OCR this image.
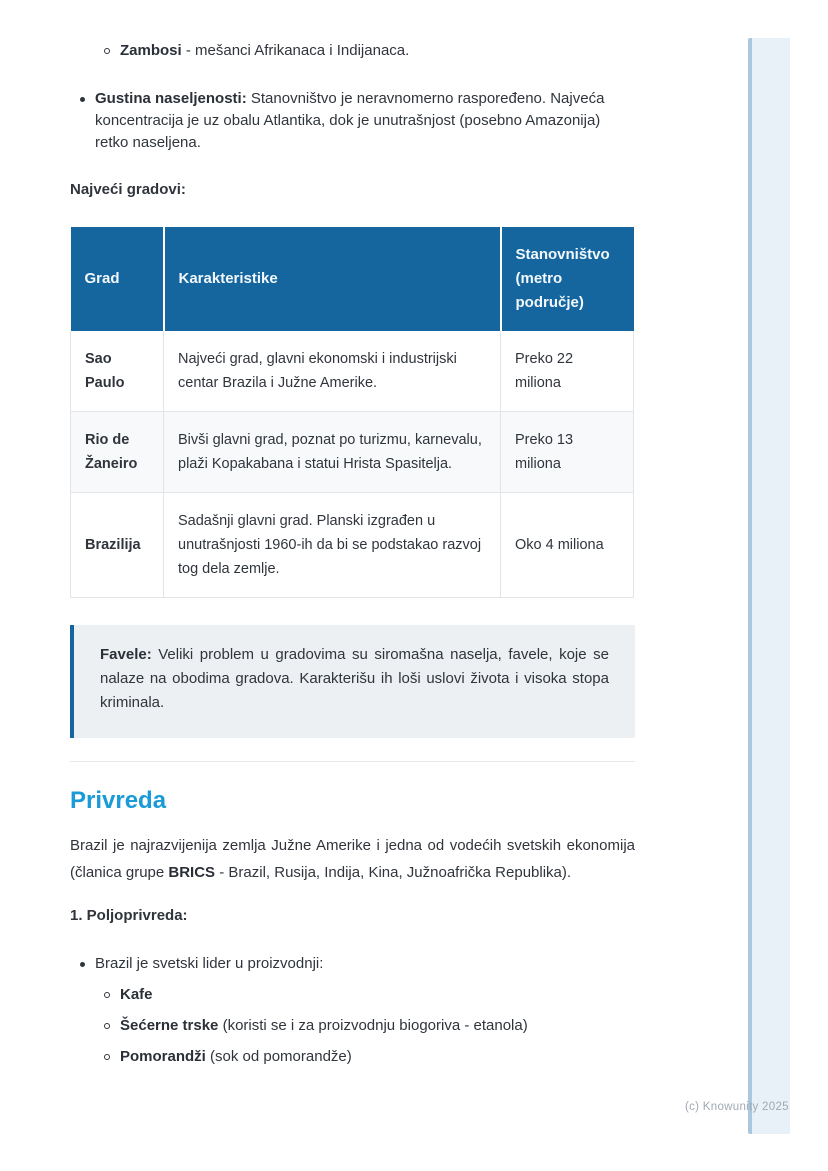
Zambosi - mešanci Afrikanaca i Indijanaca.
Gustina naseljenosti: Stanovništvo je neravnomerno raspoređeno. Najveća koncentracija je uz obalu Atlantika, dok je unutrašnjost (posebno Amazonija) retko naseljena.
Najveći gradovi:
Grad	Karakteristike	Stanovništvo (metro područje)
Sao Paulo	Najveći grad, glavni ekonomski i industrijski centar Brazila i Južne Amerike.	Preko 22 miliona
Rio de Žaneiro	Bivši glavni grad, poznat po turizmu, karnevalu, plaži Kopakabana i statui Hrista Spasitelja.	Preko 13 miliona
Brazilija	Sadašnji glavni grad. Planski izgrađen u unutrašnjosti 1960-ih da bi se podstakao razvoj tog dela zemlje.	Oko 4 miliona
Favele: Veliki problem u gradovima su siromašna naselja, favele, koje se nalaze na obodima gradova. Karakterišu ih loši uslovi života i visoka stopa kriminala.
Privreda

Brazil je najrazvijenija zemlja Južne Amerike i jedna od vodećih svetskih ekonomija (članica grupe BRICS - Brazil, Rusija, Indija, Kina, Južnoafrička Republika).

1. Poljoprivreda:
Brazil je svetski lider u proizvodnji:
Kafe
Šećerne trske (koristi se i za proizvodnju biogoriva - etanola)
Pomorandži (sok od pomorandže)
(c) Knowunity 2025
